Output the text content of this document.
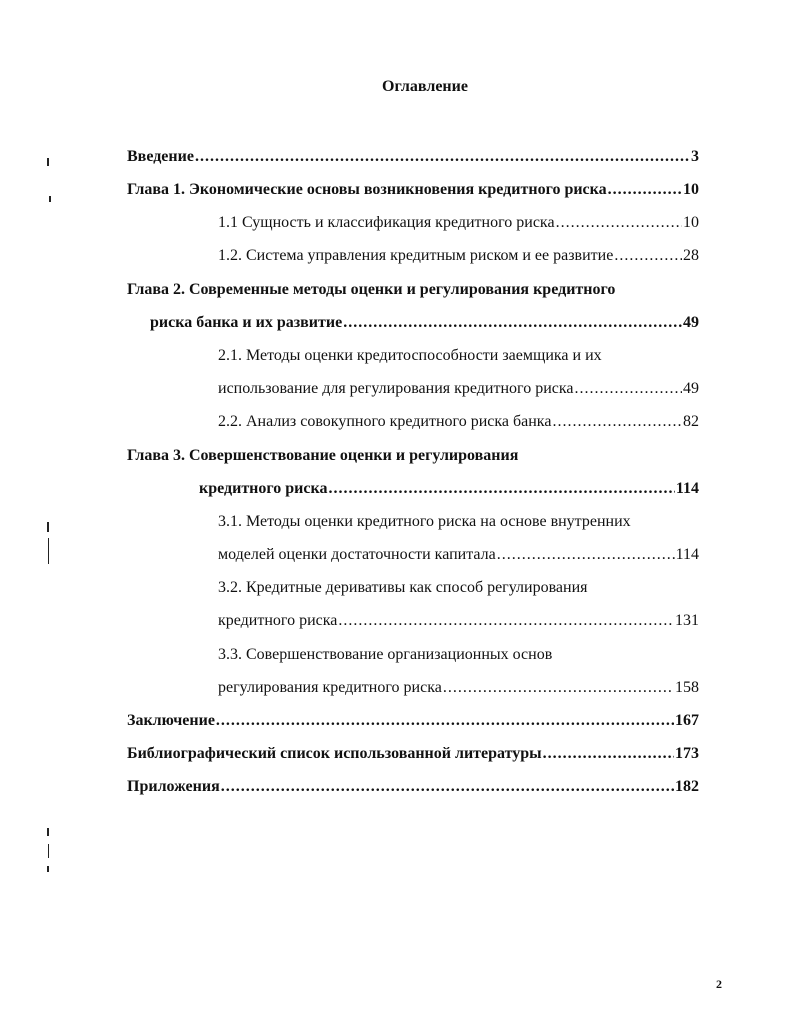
Оглавление
Введение .....	3
Глава 1. Экономические основы возникновения кредитного риска .....	10
1.1 Сущность и классификация кредитного риска .....	10
1.2. Система управления кредитным риском и ее развитие .....	28
Глава 2. Современные методы оценки и регулирования кредитного
риска банка и их развитие .....	49
2.1. Методы оценки кредитоспособности заемщика и их
использование для регулирования кредитного риска .....	49
2.2. Анализ совокупного кредитного риска банка .....	82
Глава 3. Совершенствование оценки и регулирования
кредитного риска .....	114
3.1. Методы оценки кредитного риска на основе внутренних
моделей оценки достаточности капитала .....	114
3.2. Кредитные деривативы как способ регулирования
кредитного риска .....	131
3.3. Совершенствование организационных основ
регулирования кредитного риска .....	158
Заключение .....	167
Библиографический список использованной литературы .....	173
Приложения .....	182
2
